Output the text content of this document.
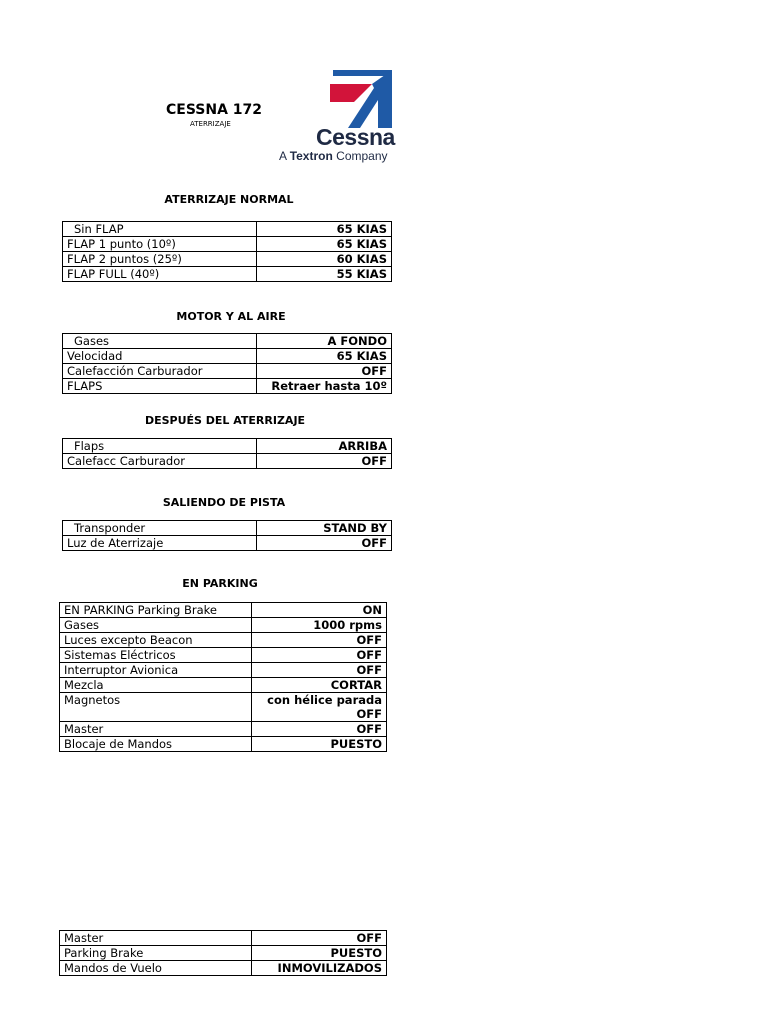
CESSNA 172
ATERRIZAJE	Cessna
A Textron Company
ATERRIZAJE NORMAL
Sin FLAP	65 KIAS
FLAP 1 punto (10º)	65 KIAS
FLAP 2 puntos (25º)	60 KIAS
FLAP FULL (40º)	55 KIAS
MOTOR Y AL AIRE
Gases	A FONDO
Velocidad	65 KIAS
Calefacción Carburador	OFF
FLAPS	Retraer hasta 10º
DESPUÉS DEL ATERRIZAJE
Flaps	ARRIBA
Calefacc Carburador	OFF
SALIENDO DE PISTA
Transponder	STAND BY
Luz de Aterrizaje	OFF
EN PARKING
EN PARKING Parking Brake	ON
Gases	1000 rpms
Luces excepto Beacon	OFF
Sistemas Eléctricos	OFF
Interruptor Avionica	OFF
Mezcla	CORTAR
Magnetos	con hélice parada
OFF

Master	OFF
Blocaje de Mandos	PUESTO
Master	OFF
Parking Brake	PUESTO
Mandos de Vuelo	INMOVILIZADOS
